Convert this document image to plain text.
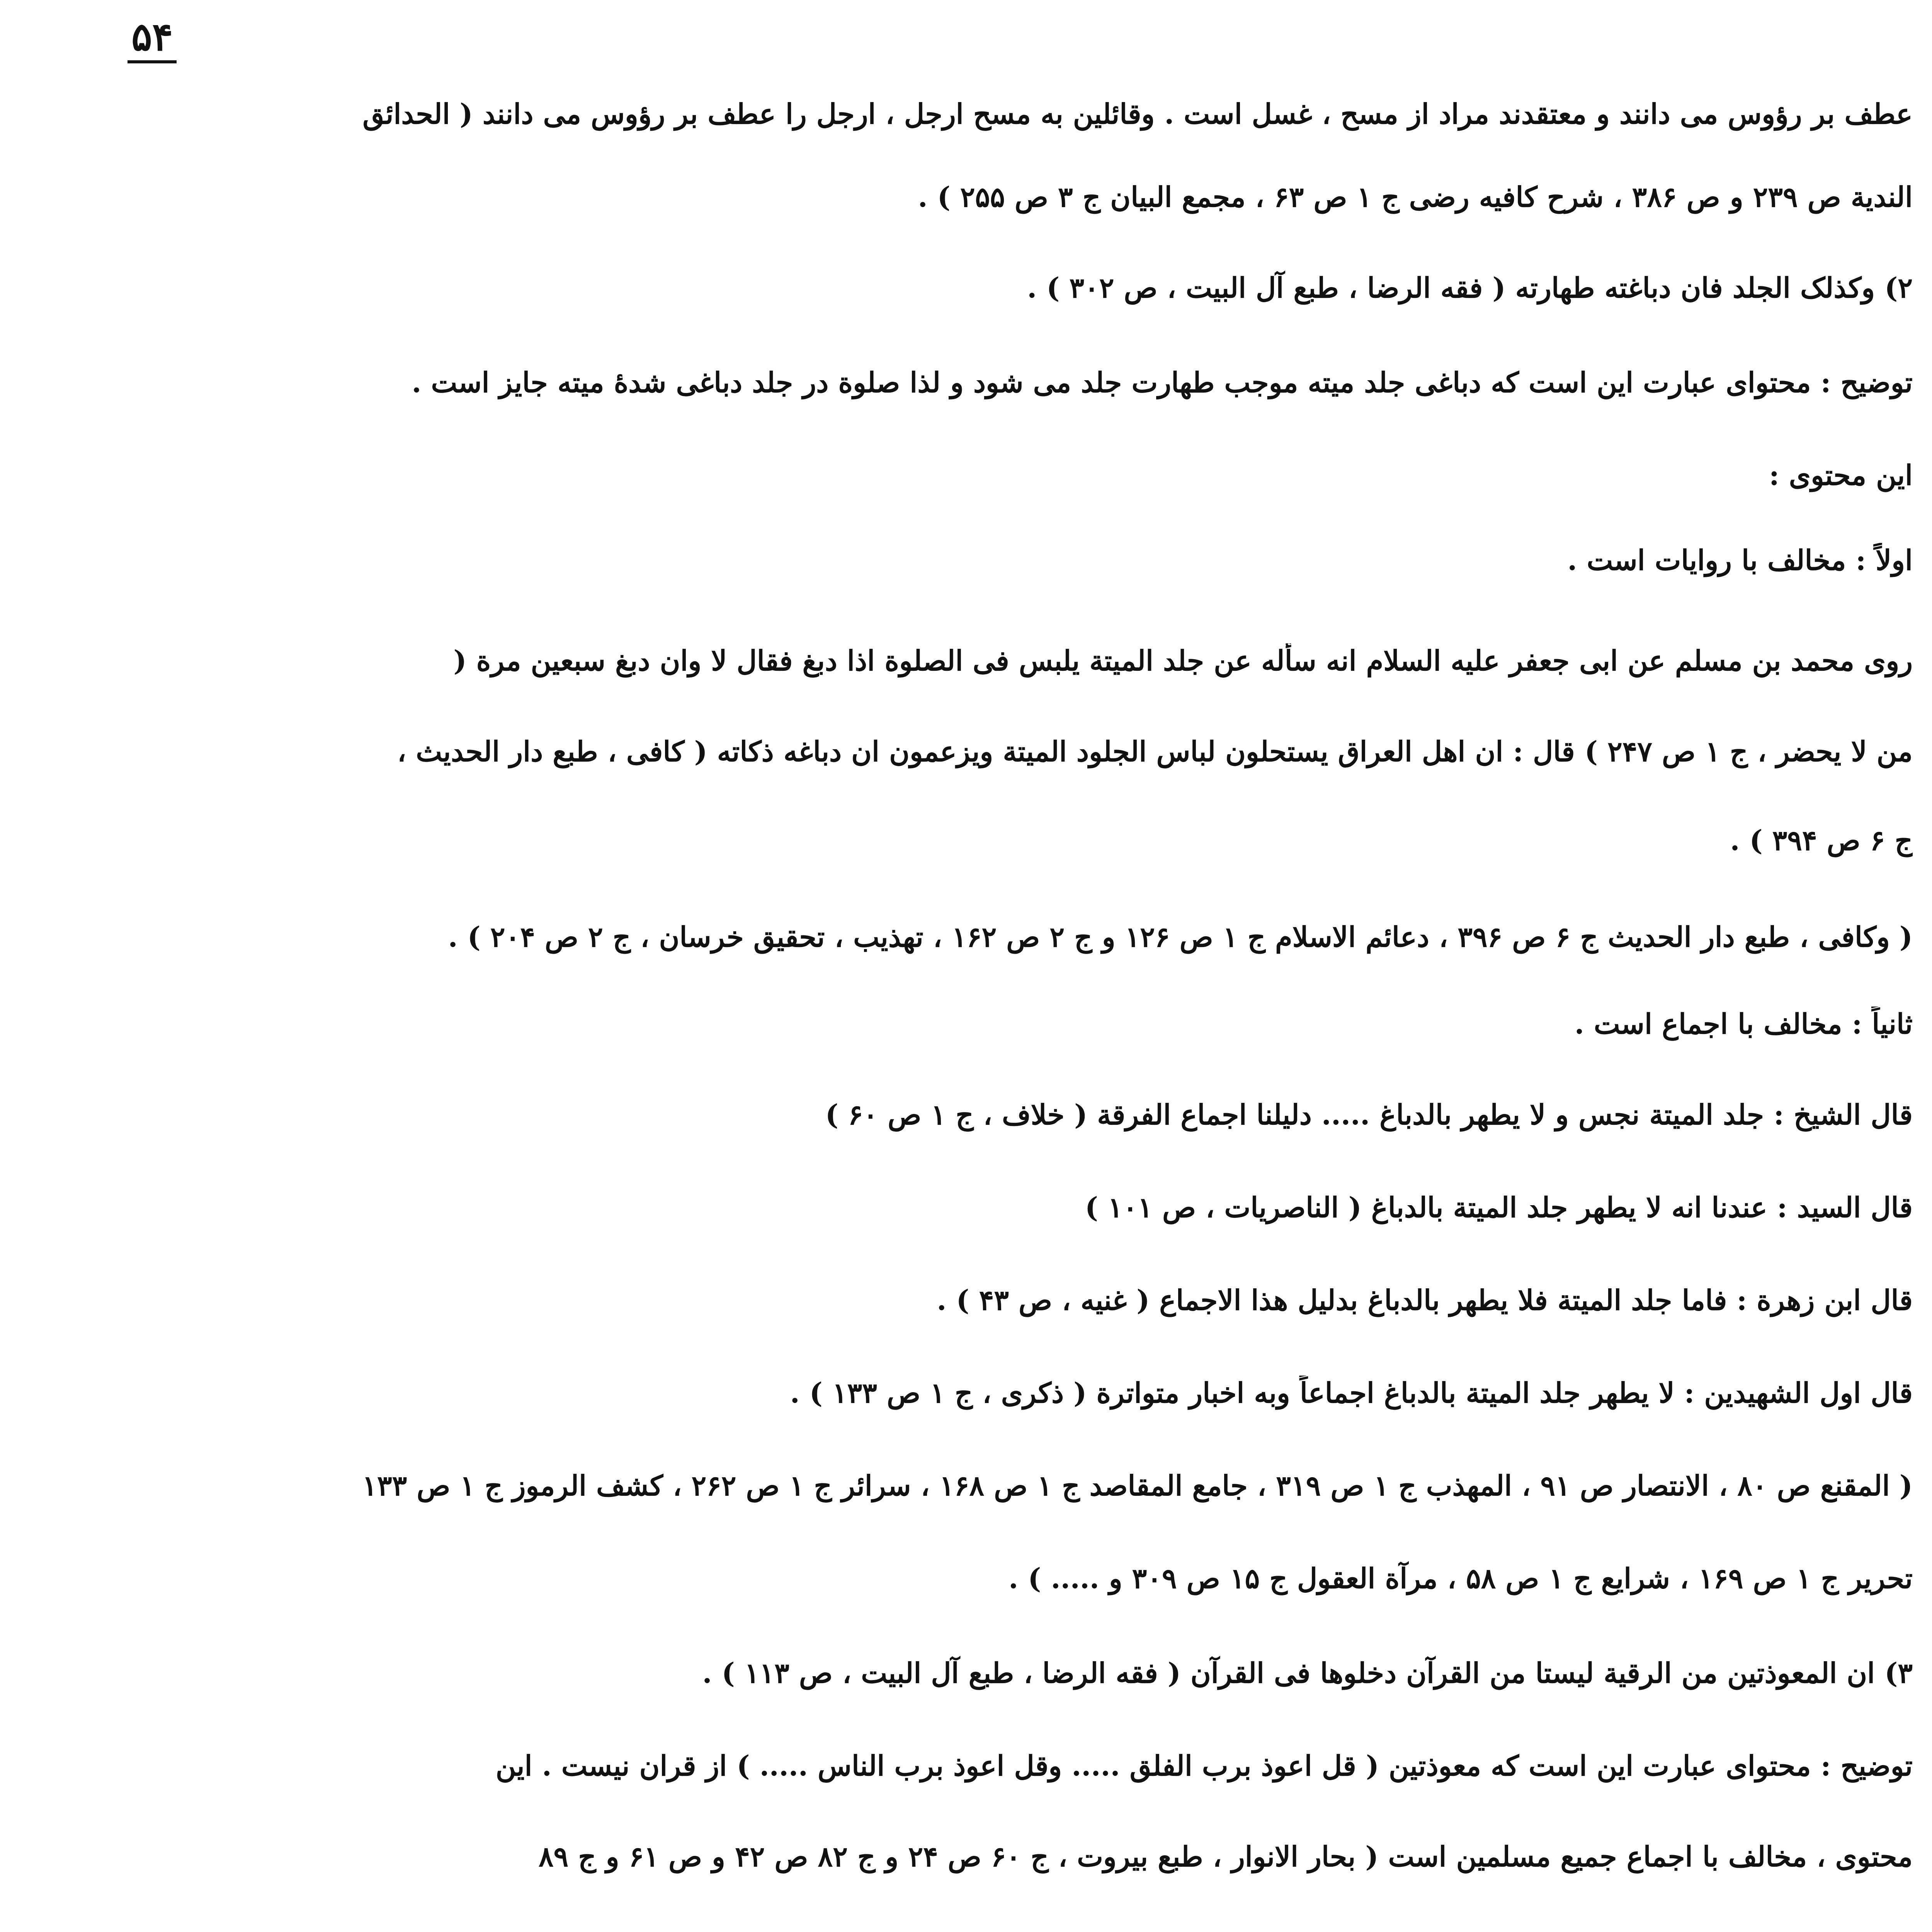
۵۴
عطف بر رؤوس می دانند و معتقدند مراد از مسح ، غسل است . وقائلین به مسح ارجل ، ارجل را عطف بر رؤوس می دانند ( الحدائق
الندیة ص ۲۳۹ و ص ۳۸۶ ، شرح کافیه رضی ج ۱ ص ۶۳ ، مجمع البیان ج ۳ ص ۲۵۵ ) .
۲) وکذلک الجلد فان دباغته طهارته ( فقه الرضا ، طبع آل البیت ، ص ۳۰۲ ) .
توضیح : محتوای عبارت این است که دباغی جلد میته موجب طهارت جلد می شود و لذا صلوة در جلد دباغی شدۀ میته جایز است .
این محتوی :
اولاً : مخالف با روایات است .
روی محمد بن مسلم عن ابی جعفر علیه السلام انه سأله عن جلد المیتة یلبس فی الصلوة اذا دبغ فقال لا وان دبغ سبعین مرة (
من لا یحضر ، ج ۱ ص ۲۴۷ ) قال : ان اهل العراق یستحلون لباس الجلود المیتة ویزعمون ان دباغه ذکاته ( کافی ، طبع دار الحدیث ،
ج ۶ ص ۳۹۴ ) .
( وکافی ، طبع دار الحدیث ج ۶ ص ۳۹۶ ، دعائم الاسلام ج ۱ ص ۱۲۶ و ج ۲ ص ۱۶۲ ، تهذیب ، تحقیق خرسان ، ج ۲ ص ۲۰۴ ) .
ثانیاً : مخالف با اجماع است .
قال الشیخ : جلد المیتة نجس و لا یطهر بالدباغ ..... دلیلنا اجماع الفرقة ( خلاف ، ج ۱ ص ۶۰ )
قال السید : عندنا انه لا یطهر جلد المیتة بالدباغ ( الناصریات ، ص ۱۰۱ )
قال ابن زهرة : فاما جلد المیتة فلا یطهر بالدباغ بدلیل هذا الاجماع ( غنیه ، ص ۴۳ ) .
قال اول الشهیدین : لا یطهر جلد المیتة بالدباغ اجماعاً وبه اخبار متواترة ( ذکری ، ج ۱ ص ۱۳۳ ) .
( المقنع ص ۸۰ ، الانتصار ص ۹۱ ، المهذب ج ۱ ص ۳۱۹ ، جامع المقاصد ج ۱ ص ۱۶۸ ، سرائر ج ۱ ص ۲۶۲ ، کشف الرموز ج ۱ ص ۱۳۳
تحریر ج ۱ ص ۱۶۹ ، شرایع ج ۱ ص ۵۸ ، مرآة العقول ج ۱۵ ص ۳۰۹ و ..... ) .
۳) ان المعوذتین من الرقیة لیستا من القرآن دخلوها فی القرآن ( فقه الرضا ، طبع آل البیت ، ص ۱۱۳ ) .
توضیح : محتوای عبارت این است که معوذتین ( قل اعوذ برب الفلق ..... وقل اعوذ برب الناس ..... ) از قران نیست . این
محتوی ، مخالف با اجماع جمیع مسلمین است ( بحار الانوار ، طبع بیروت ، ج ۶۰ ص ۲۴ و ج ۸۲ ص ۴۲ و ص ۶۱ و ج ۸۹
